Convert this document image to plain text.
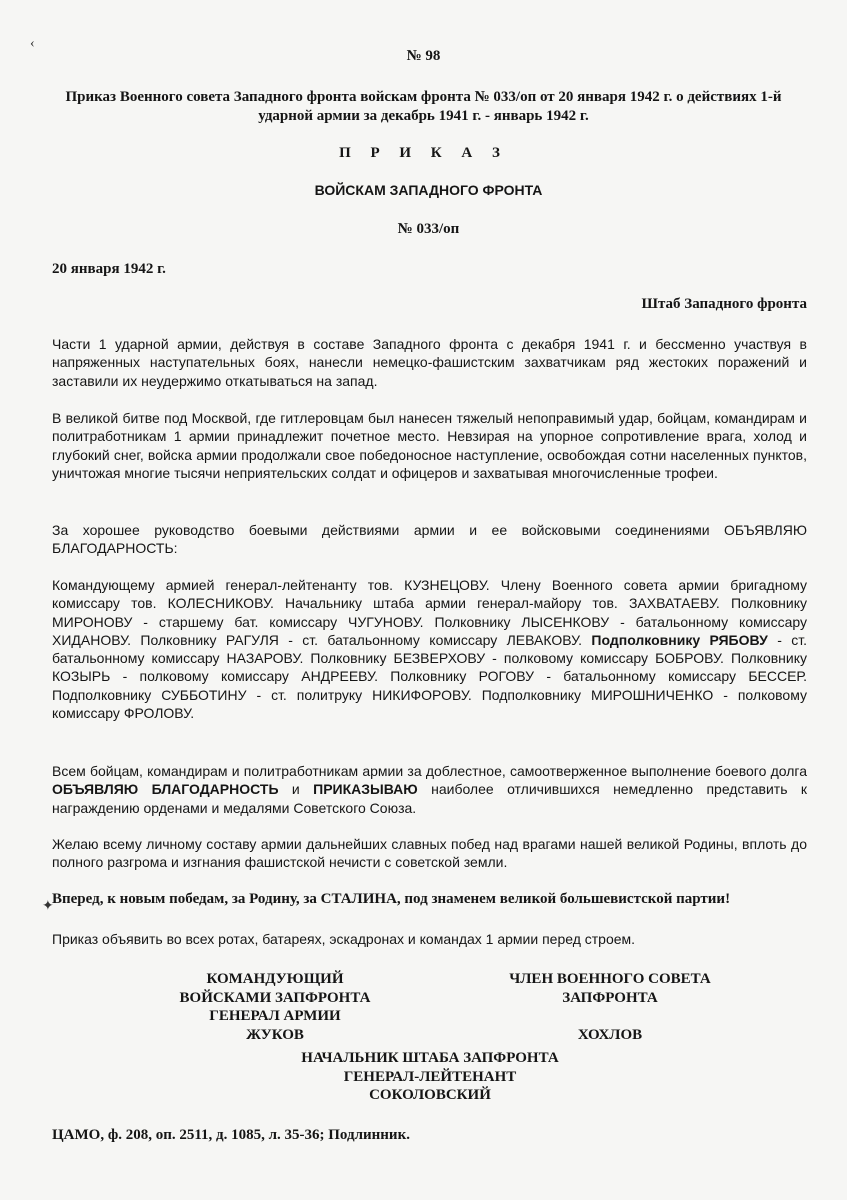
‹
✦
№ 98
Приказ Военного совета Западного фронта войскам фронта № 033/оп от 20 января 1942 г. о действиях 1-й ударной армии за декабрь 1941 г. - январь 1942 г.
П Р И К А З
ВОЙСКАМ ЗАПАДНОГО ФРОНТА
№ 033/оп
20 января 1942 г.
Штаб Западного фронта
Части 1 ударной армии, действуя в составе Западного фронта с декабря 1941 г. и бессменно участвуя в напряженных наступательных боях, нанесли немецко-фашистским захватчикам ряд жестоких поражений и заставили их неудержимо откатываться на запад.
В великой битве под Москвой, где гитлеровцам был нанесен тяжелый непоправимый удар, бойцам, командирам и политработникам 1 армии принадлежит почетное место. Невзирая на упорное сопротивление врага, холод и глубокий снег, войска армии продолжали свое победоносное наступление, освобождая сотни населенных пунктов, уничтожая многие тысячи неприятельских солдат и офицеров и захватывая многочисленные трофеи.
За хорошее руководство боевыми действиями армии и ее войсковыми соединениями ОБЪЯВЛЯЮ БЛАГОДАРНОСТЬ:
Командующему армией генерал-лейтенанту тов. КУЗНЕЦОВУ. Члену Военного совета армии бригадному комиссару тов. КОЛЕСНИКОВУ. Начальнику штаба армии генерал-майору тов. ЗАХВАТАЕВУ. Полковнику МИРОНОВУ - старшему бат. комиссару ЧУГУНОВУ. Полковнику ЛЫСЕНКОВУ - батальонному комиссару ХИДАНОВУ. Полковнику РАГУЛЯ - ст. батальонному комиссару ЛЕВАКОВУ. Подполковнику РЯБОВУ - ст. батальонному комиссару НАЗАРОВУ. Полковнику БЕЗВЕРХОВУ - полковому комиссару БОБРОВУ. Полковнику КОЗЫРЬ - полковому комиссару АНДРЕЕВУ. Полковнику РОГОВУ - батальонному комиссару БЕССЕР. Подполковнику СУББОТИНУ - ст. политруку НИКИФОРОВУ. Подполковнику МИРОШНИЧЕНКО - полковому комиссару ФРОЛОВУ.
Всем бойцам, командирам и политработникам армии за доблестное, самоотверженное выполнение боевого долга ОБЪЯВЛЯЮ БЛАГОДАРНОСТЬ и ПРИКАЗЫВАЮ наиболее отличившихся немедленно представить к награждению орденами и медалями Советского Союза.
Желаю всему личному составу армии дальнейших славных побед над врагами нашей великой Родины, вплоть до полного разгрома и изгнания фашистской нечисти с советской земли.
Вперед, к новым победам, за Родину, за СТАЛИНА, под знаменем великой большевистской партии!
Приказ объявить во всех ротах, батареях, эскадронах и командах 1 армии перед строем.
КОМАНДУЮЩИЙ
ВОЙСКАМИ ЗАПФРОНТА
ГЕНЕРАЛ АРМИИ
ЖУКОВ
ЧЛЕН ВОЕННОГО СОВЕТА
ЗАПФРОНТА

ХОХЛОВ
НАЧАЛЬНИК ШТАБА ЗАПФРОНТА
ГЕНЕРАЛ-ЛЕЙТЕНАНТ
СОКОЛОВСКИЙ
ЦАМО, ф. 208, оп. 2511, д. 1085, л. 35-36; Подлинник.
